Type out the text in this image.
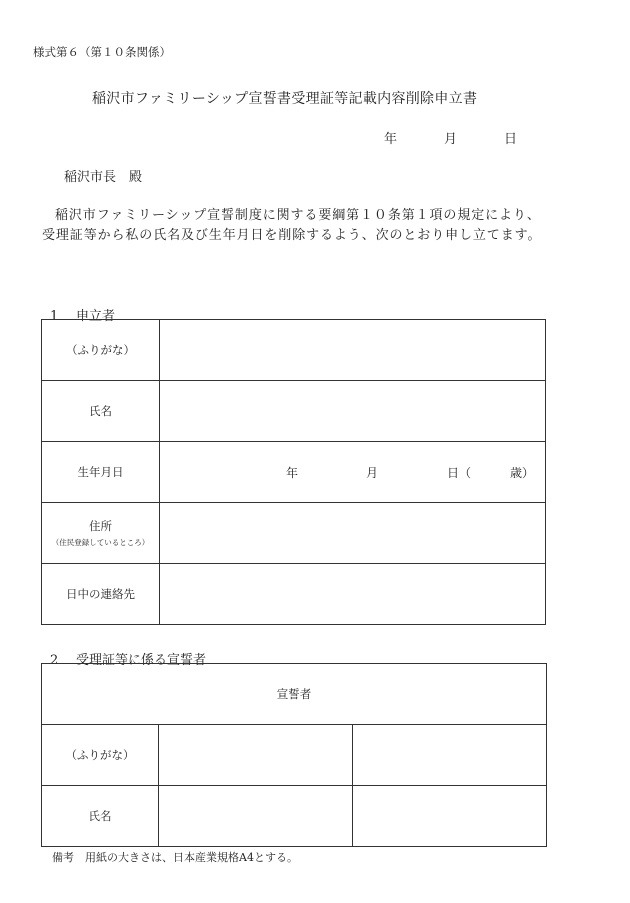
様式第６（第１０条関係）
稲沢市ファミリーシップ宣誓書受理証等記載内容削除申立書
年	月	日
稲沢市長　殿
稲沢市ファミリーシップ宣誓制度に関する要綱第１０条第１項の規定により、受理証等から私の氏名及び生年月日を削除するよう、次のとおり申し立てます。
1 申立者
（ふりがな）	
氏名	
生年月日	年 月 日（ 歳）

住所
（住民登録しているところ）	

日中の連絡先	
2 受理証等に係る宣誓者
宣誓者		
（ふりがな）		
氏名		
備考　用紙の大きさは、日本産業規格A4とする。
